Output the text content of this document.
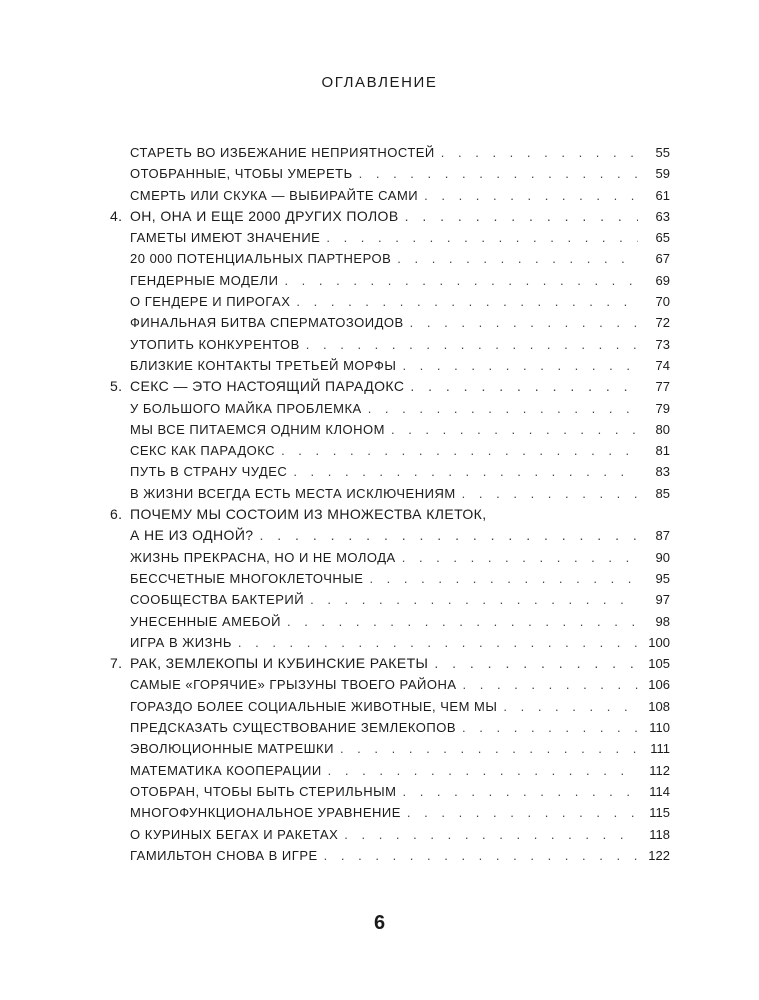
ОГЛАВЛЕНИЕ
СТАРЕТЬ ВО ИЗБЕЖАНИЕ НЕПРИЯТНОСТЕЙ . . .	55
ОТОБРАННЫЕ, ЧТОБЫ УМЕРЕТЬ . . .	59
СМЕРТЬ ИЛИ СКУКА — ВЫБИРАЙТЕ САМИ . . .	61
4. ОН, ОНА И ЕЩЕ 2000 ДРУГИХ ПОЛОВ . . .	63
ГАМЕТЫ ИМЕЮТ ЗНАЧЕНИЕ . . .	65
20 000 ПОТЕНЦИАЛЬНЫХ ПАРТНЕРОВ . . .	67
ГЕНДЕРНЫЕ МОДЕЛИ . . .	69
О ГЕНДЕРЕ И ПИРОГАХ . . .	70
ФИНАЛЬНАЯ БИТВА СПЕРМАТОЗОИДОВ . . .	72
УТОПИТЬ КОНКУРЕНТОВ . . .	73
БЛИЗКИЕ КОНТАКТЫ ТРЕТЬЕЙ МОРФЫ . . .	74
5. СЕКС — ЭТО НАСТОЯЩИЙ ПАРАДОКС . . .	77
У БОЛЬШОГО МАЙКА ПРОБЛЕМКА . . .	79
МЫ ВСЕ ПИТАЕМСЯ ОДНИМ КЛОНОМ . . .	80
СЕКС КАК ПАРАДОКС . . .	81
ПУТЬ В СТРАНУ ЧУДЕС . . .	83
В ЖИЗНИ ВСЕГДА ЕСТЬ МЕСТА ИСКЛЮЧЕНИЯМ . . .	85
6. ПОЧЕМУ МЫ СОСТОИМ ИЗ МНОЖЕСТВА КЛЕТОК,
А НЕ ИЗ ОДНОЙ? . . .	87
ЖИЗНЬ ПРЕКРАСНА, НО И НЕ МОЛОДА . . .	90
БЕССЧЕТНЫЕ МНОГОКЛЕТОЧНЫЕ . . .	95
СООБЩЕСТВА БАКТЕРИЙ . . .	97
УНЕСЕННЫЕ АМЕБОЙ . . .	98
ИГРА В ЖИЗНЬ . . .	100
7. РАК, ЗЕМЛЕКОПЫ И КУБИНСКИЕ РАКЕТЫ . . .	105
САМЫЕ «ГОРЯЧИЕ» ГРЫЗУНЫ ТВОЕГО РАЙОНА . . .	106
ГОРАЗДО БОЛЕЕ СОЦИАЛЬНЫЕ ЖИВОТНЫЕ, ЧЕМ МЫ . . .	108
ПРЕДСКАЗАТЬ СУЩЕСТВОВАНИЕ ЗЕМЛЕКОПОВ . . .	110
ЭВОЛЮЦИОННЫЕ МАТРЕШКИ . . .	111
МАТЕМАТИКА КООПЕРАЦИИ . . .	112
ОТОБРАН, ЧТОБЫ БЫТЬ СТЕРИЛЬНЫМ . . .	114
МНОГОФУНКЦИОНАЛЬНОЕ УРАВНЕНИЕ . . .	115
О КУРИНЫХ БЕГАХ И РАКЕТАХ . . .	118
ГАМИЛЬТОН СНОВА В ИГРЕ . . .	122
6
